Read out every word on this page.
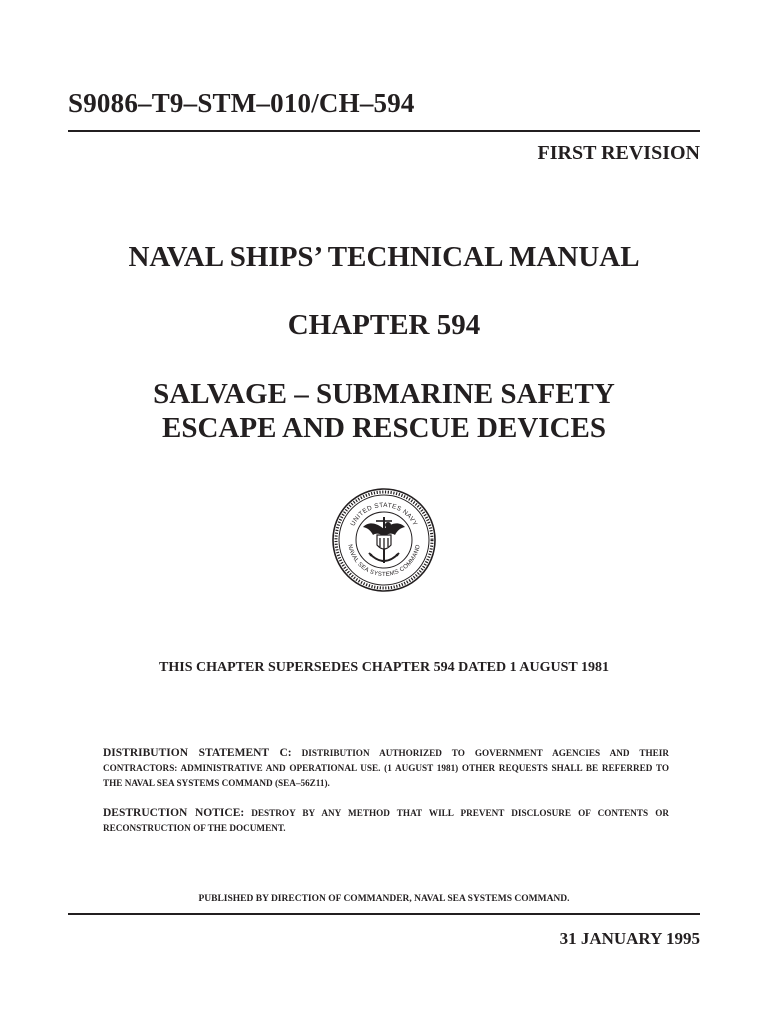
S9086–T9–STM–010/CH–594
FIRST REVISION
NAVAL SHIPS’ TECHNICAL MANUAL
CHAPTER 594
SALVAGE – SUBMARINE SAFETY
ESCAPE AND RESCUE DEVICES
UNITED STATES NAVY
NAVAL SEA SYSTEMS COMMAND
THIS CHAPTER SUPERSEDES CHAPTER 594 DATED 1 AUGUST 1981
DISTRIBUTION STATEMENT C: DISTRIBUTION AUTHORIZED TO GOVERNMENT AGENCIES AND THEIR CONTRACTORS: ADMINISTRATIVE AND OPERATIONAL USE. (1 AUGUST 1981) OTHER REQUESTS SHALL BE REFERRED TO THE NAVAL SEA SYSTEMS COMMAND (SEA–56Z11).
DESTRUCTION NOTICE: DESTROY BY ANY METHOD THAT WILL PREVENT DISCLOSURE OF CONTENTS OR RECONSTRUCTION OF THE DOCUMENT.
PUBLISHED BY DIRECTION OF COMMANDER, NAVAL SEA SYSTEMS COMMAND.
31 JANUARY 1995
